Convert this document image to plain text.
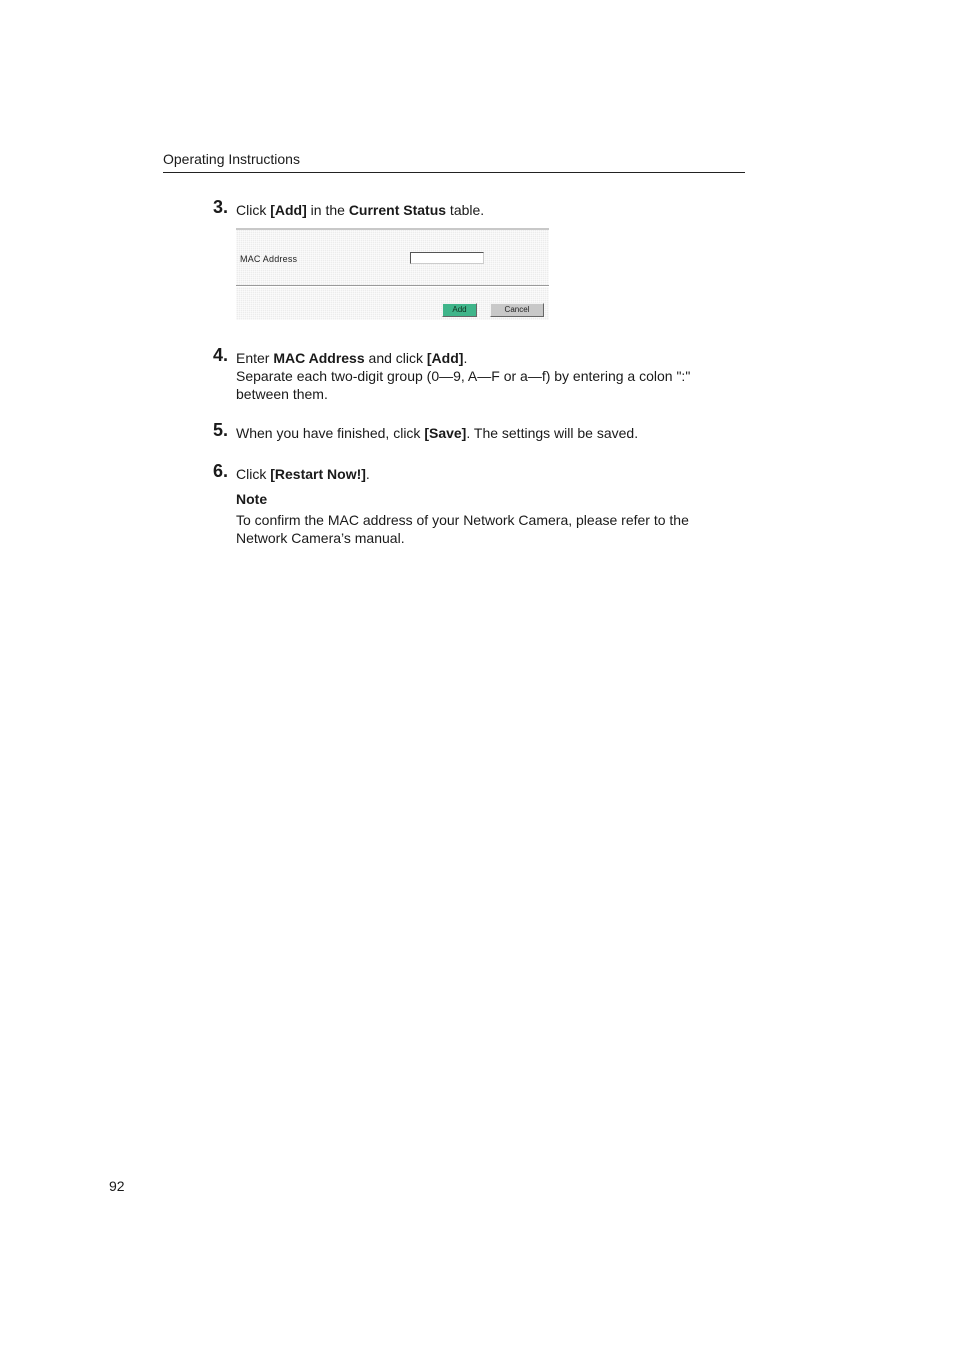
Operating Instructions
3. Click [Add] in the Current Status table.
MAC Address
Add	Cancel
4. Enter MAC Address and click [Add].
Separate each two-digit group (0—9, A—F or a—f) by entering a colon ":"
between them.
5. When you have finished, click [Save]. The settings will be saved.
6. Click [Restart Now!].
Note
To confirm the MAC address of your Network Camera, please refer to the
Network Camera’s manual.
92
